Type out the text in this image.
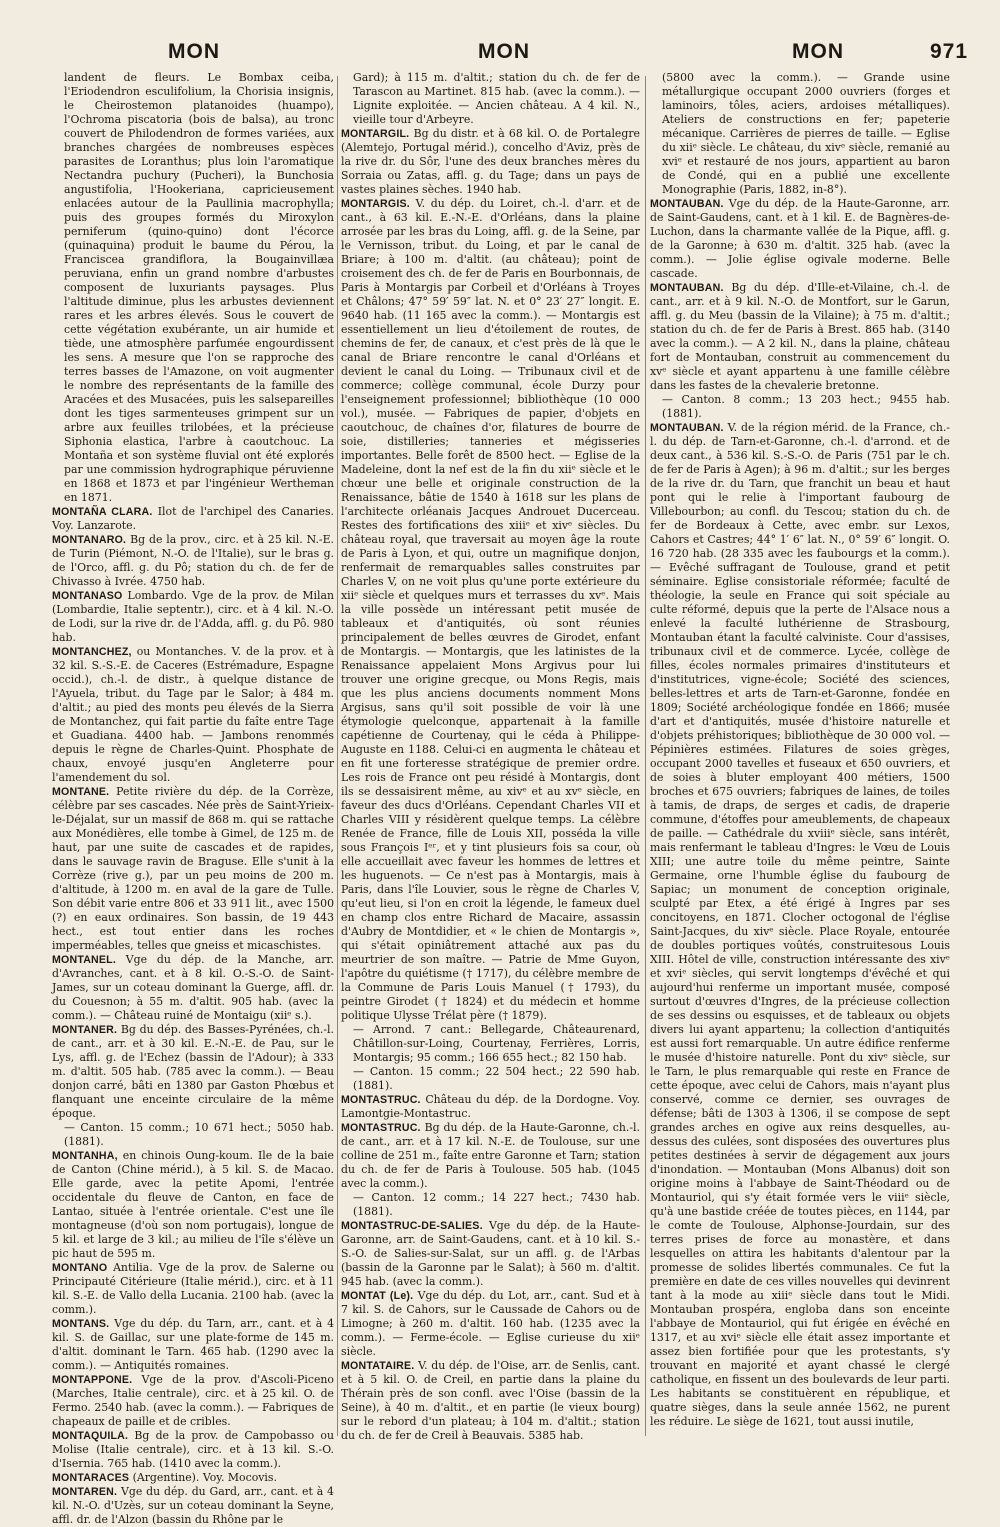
MON	MON	MON	971

landent de fleurs. Le Bombax ceiba, l'Eriodendron esculifolium, la Chorisia insignis, le Cheirostemon platanoides (huampo), l'Ochroma piscatoria (bois de balsa), au tronc couvert de Philodendron de formes variées, aux branches chargées de nombreuses espèces parasites de Loranthus; plus loin l'aromatique Nectandra puchury (Pucheri), la Bunchosia angustifolia, l'Hookeriana, capricieusement enlacées autour de la Paullinia macrophylla; puis des groupes formés du Miroxylon perniferum (quino-quino) dont l'écorce (quinaquina) produit le baume du Pérou, la Franciscea grandiflora, la Bougainvillæa peruviana, enfin un grand nombre d'arbustes composent de luxuriants paysages. Plus l'altitude diminue, plus les arbustes deviennent rares et les arbres élevés. Sous le couvert de cette végétation exubérante, un air humide et tiède, une atmosphère parfumée engourdissent les sens. A mesure que l'on se rapproche des terres basses de l'Amazone, on voit augmenter le nombre des représentants de la famille des Aracées et des Musacées, puis les salsepareilles dont les tiges sarmenteuses grimpent sur un arbre aux feuilles trilobées, et la précieuse Siphonia elastica, l'arbre à caoutchouc. La Montaña et son système fluvial ont été explorés par une commission hydrographique péruvienne en 1868 et 1873 et par l'ingénieur Wertheman en 1871.

MONTAÑA CLARA. Ilot de l'archipel des Canaries. Voy. Lanzarote.

MONTANARO. Bg de la prov., circ. et à 25 kil. N.-E. de Turin (Piémont, N.-O. de l'Italie), sur le bras g. de l'Orco, affl. g. du Pô; station du ch. de fer de Chivasso à Ivrée. 4750 hab.

MONTANASO Lombardo. Vge de la prov. de Milan (Lombardie, Italie septentr.), circ. et à 4 kil. N.-O. de Lodi, sur la rive dr. de l'Adda, affl. g. du Pô. 980 hab.

MONTANCHEZ, ou Montanches. V. de la prov. et à 32 kil. S.-S.-E. de Caceres (Estrémadure, Espagne occid.), ch.-l. de distr., à quelque distance de l'Ayuela, tribut. du Tage par le Salor; à 484 m. d'altit.; au pied des monts peu élevés de la Sierra de Montanchez, qui fait partie du faîte entre Tage et Guadiana. 4400 hab. — Jambons renommés depuis le règne de Charles-Quint. Phosphate de chaux, envoyé jusqu'en Angleterre pour l'amendement du sol.

MONTANE. Petite rivière du dép. de la Corrèze, célèbre par ses cascades. Née près de Saint-Yrieix-le-Déjalat, sur un massif de 868 m. qui se rattache aux Monédières, elle tombe à Gimel, de 125 m. de haut, par une suite de cascades et de rapides, dans le sauvage ravin de Braguse. Elle s'unit à la Corrèze (rive g.), par un peu moins de 200 m. d'altitude, à 1200 m. en aval de la gare de Tulle. Son débit varie entre 806 et 33 911 lit., avec 1500 (?) en eaux ordinaires. Son bassin, de 19 443 hect., est tout entier dans les roches imperméables, telles que gneiss et micaschistes.

MONTANEL. Vge du dép. de la Manche, arr. d'Avranches, cant. et à 8 kil. O.-S.-O. de Saint-James, sur un coteau dominant la Guerge, affl. dr. du Couesnon; à 55 m. d'altit. 905 hab. (avec la comm.). — Château ruiné de Montaigu (xiiᵉ s.).

MONTANER. Bg du dép. des Basses-Pyrénées, ch.-l. de cant., arr. et à 30 kil. E.-N.-E. de Pau, sur le Lys, affl. g. de l'Echez (bassin de l'Adour); à 333 m. d'altit. 505 hab. (785 avec la comm.). — Beau donjon carré, bâti en 1380 par Gaston Phœbus et flanquant une enceinte circulaire de la même époque.

— Canton. 15 comm.; 10 671 hect.; 5050 hab. (1881).

MONTANHA, en chinois Oung-koum. Ile de la baie de Canton (Chine mérid.), à 5 kil. S. de Macao. Elle garde, avec la petite Apomi, l'entrée occidentale du fleuve de Canton, en face de Lantao, située à l'entrée orientale. C'est une île montagneuse (d'où son nom portugais), longue de 5 kil. et large de 3 kil.; au milieu de l'île s'élève un pic haut de 595 m.

MONTANO Antilia. Vge de la prov. de Salerne ou Principauté Citérieure (Italie mérid.), circ. et à 11 kil. S.-E. de Vallo della Lucania. 2100 hab. (avec la comm.).

MONTANS. Vge du dép. du Tarn, arr., cant. et à 4 kil. S. de Gaillac, sur une plate-forme de 145 m. d'altit. dominant le Tarn. 465 hab. (1290 avec la comm.). — Antiquités romaines.

MONTAPPONE. Vge de la prov. d'Ascoli-Piceno (Marches, Italie centrale), circ. et à 25 kil. O. de Fermo. 2540 hab. (avec la comm.). — Fabriques de chapeaux de paille et de cribles.

MONTAQUILA. Bg de la prov. de Campobasso ou Molise (Italie centrale), circ. et à 13 kil. S.-O. d'Isernia. 765 hab. (1410 avec la comm.).

MONTARACES (Argentine). Voy. Mocovis.

MONTAREN. Vge du dép. du Gard, arr., cant. et à 4 kil. N.-O. d'Uzès, sur un coteau dominant la Seyne, affl. dr. de l'Alzon (bassin du Rhône par le

Gard); à 115 m. d'altit.; station du ch. de fer de Tarascon au Martinet. 815 hab. (avec la comm.). — Lignite exploitée. — Ancien château. A 4 kil. N., vieille tour d'Arbeyre.

MONTARGIL. Bg du distr. et à 68 kil. O. de Portalegre (Alemtejo, Portugal mérid.), concelho d'Aviz, près de la rive dr. du Sôr, l'une des deux branches mères du Sorraia ou Zatas, affl. g. du Tage; dans un pays de vastes plaines sèches. 1940 hab.

MONTARGIS. V. du dép. du Loiret, ch.-l. d'arr. et de cant., à 63 kil. E.-N.-E. d'Orléans, dans la plaine arrosée par les bras du Loing, affl. g. de la Seine, par le Vernisson, tribut. du Loing, et par le canal de Briare; à 100 m. d'altit. (au château); point de croisement des ch. de fer de Paris en Bourbonnais, de Paris à Montargis par Corbeil et d'Orléans à Troyes et Châlons; 47° 59′ 59″ lat. N. et 0° 23′ 27″ longit. E. 9640 hab. (11 165 avec la comm.). — Montargis est essentiellement un lieu d'étoilement de routes, de chemins de fer, de canaux, et c'est près de là que le canal de Briare rencontre le canal d'Orléans et devient le canal du Loing. — Tribunaux civil et de commerce; collège communal, école Durzy pour l'enseignement professionnel; bibliothèque (10 000 vol.), musée. — Fabriques de papier, d'objets en caoutchouc, de chaînes d'or, filatures de bourre de soie, distilleries; tanneries et mégisseries importantes. Belle forêt de 8500 hect. — Eglise de la Madeleine, dont la nef est de la fin du xiiᵉ siècle et le chœur une belle et originale construction de la Renaissance, bâtie de 1540 à 1618 sur les plans de l'architecte orléanais Jacques Androuet Ducerceau. Restes des fortifications des xiiiᵉ et xivᵉ siècles. Du château royal, que traversait au moyen âge la route de Paris à Lyon, et qui, outre un magnifique donjon, renfermait de remarquables salles construites par Charles V, on ne voit plus qu'une porte extérieure du xiiᵉ siècle et quelques murs et terrasses du xvᵉ. Mais la ville possède un intéressant petit musée de tableaux et d'antiquités, où sont réunies principalement de belles œuvres de Girodet, enfant de Montargis. — Montargis, que les latinistes de la Renaissance appelaient Mons Argivus pour lui trouver une origine grecque, ou Mons Regis, mais que les plus anciens documents nomment Mons Argisus, sans qu'il soit possible de voir là une étymologie quelconque, appartenait à la famille capétienne de Courtenay, qui le céda à Philippe-Auguste en 1188. Celui-ci en augmenta le château et en fit une forteresse stratégique de premier ordre. Les rois de France ont peu résidé à Montargis, dont ils se dessaisirent même, au xivᵉ et au xvᵉ siècle, en faveur des ducs d'Orléans. Cependant Charles VII et Charles VIII y résidèrent quelque temps. La célèbre Renée de France, fille de Louis XII, posséda la ville sous François Iᵉʳ, et y tint plusieurs fois sa cour, où elle accueillait avec faveur les hommes de lettres et les huguenots. — Ce n'est pas à Montargis, mais à Paris, dans l'île Louvier, sous le règne de Charles V, qu'eut lieu, si l'on en croit la légende, le fameux duel en champ clos entre Richard de Macaire, assassin d'Aubry de Montdidier, et « le chien de Montargis », qui s'était opiniâtrement attaché aux pas du meurtrier de son maître. — Patrie de Mme Guyon, l'apôtre du quiétisme († 1717), du célèbre membre de la Commune de Paris Louis Manuel († 1793), du peintre Girodet († 1824) et du médecin et homme politique Ulysse Trélat père († 1879).

— Arrond. 7 cant.: Bellegarde, Châteaurenard, Châtillon-sur-Loing, Courtenay, Ferrières, Lorris, Montargis; 95 comm.; 166 655 hect.; 82 150 hab.

— Canton. 15 comm.; 22 504 hect.; 22 590 hab. (1881).

MONTASTRUC. Château du dép. de la Dordogne. Voy. Lamontgie-Montastruc.

MONTASTRUC. Bg du dép. de la Haute-Garonne, ch.-l. de cant., arr. et à 17 kil. N.-E. de Toulouse, sur une colline de 251 m., faîte entre Garonne et Tarn; station du ch. de fer de Paris à Toulouse. 505 hab. (1045 avec la comm.).

— Canton. 12 comm.; 14 227 hect.; 7430 hab. (1881).

MONTASTRUC-DE-SALIES. Vge du dép. de la Haute-Garonne, arr. de Saint-Gaudens, cant. et à 10 kil. S.-S.-O. de Salies-sur-Salat, sur un affl. g. de l'Arbas (bassin de la Garonne par le Salat); à 560 m. d'altit. 945 hab. (avec la comm.).

MONTAT (Le). Vge du dép. du Lot, arr., cant. Sud et à 7 kil. S. de Cahors, sur le Caussade de Cahors ou de Limogne; à 260 m. d'altit. 160 hab. (1235 avec la comm.). — Ferme-école. — Eglise curieuse du xiiᵉ siècle.

MONTATAIRE. V. du dép. de l'Oise, arr. de Senlis, cant. et à 5 kil. O. de Creil, en partie dans la plaine du Thérain près de son confl. avec l'Oise (bassin de la Seine), à 40 m. d'altit., et en partie (le vieux bourg) sur le rebord d'un plateau; à 104 m. d'altit.; station du ch. de fer de Creil à Beauvais. 5385 hab.

(5800 avec la comm.). — Grande usine métallurgique occupant 2000 ouvriers (forges et laminoirs, tôles, aciers, ardoises métalliques). Ateliers de constructions en fer; papeterie mécanique. Carrières de pierres de taille. — Eglise du xiiᵉ siècle. Le château, du xivᵉ siècle, remanié au xviᵉ et restauré de nos jours, appartient au baron de Condé, qui en a publié une excellente Monographie (Paris, 1882, in-8°).

MONTAUBAN. Vge du dép. de la Haute-Garonne, arr. de Saint-Gaudens, cant. et à 1 kil. E. de Bagnères-de-Luchon, dans la charmante vallée de la Pique, affl. g. de la Garonne; à 630 m. d'altit. 325 hab. (avec la comm.). — Jolie église ogivale moderne. Belle cascade.

MONTAUBAN. Bg du dép. d'Ille-et-Vilaine, ch.-l. de cant., arr. et à 9 kil. N.-O. de Montfort, sur le Garun, affl. g. du Meu (bassin de la Vilaine); à 75 m. d'altit.; station du ch. de fer de Paris à Brest. 865 hab. (3140 avec la comm.). — A 2 kil. N., dans la plaine, château fort de Montauban, construit au commencement du xvᵉ siècle et ayant appartenu à une famille célèbre dans les fastes de la chevalerie bretonne.

— Canton. 8 comm.; 13 203 hect.; 9455 hab. (1881).

MONTAUBAN. V. de la région mérid. de la France, ch.-l. du dép. de Tarn-et-Garonne, ch.-l. d'arrond. et de deux cant., à 536 kil. S.-S.-O. de Paris (751 par le ch. de fer de Paris à Agen); à 96 m. d'altit.; sur les berges de la rive dr. du Tarn, que franchit un beau et haut pont qui le relie à l'important faubourg de Villebourbon; au confl. du Tescou; station du ch. de fer de Bordeaux à Cette, avec embr. sur Lexos, Cahors et Castres; 44° 1′ 6″ lat. N., 0° 59′ 6″ longit. O. 16 720 hab. (28 335 avec les faubourgs et la comm.). — Evêché suffragant de Toulouse, grand et petit séminaire. Eglise consistoriale réformée; faculté de théologie, la seule en France qui soit spéciale au culte réformé, depuis que la perte de l'Alsace nous a enlevé la faculté luthérienne de Strasbourg, Montauban étant la faculté calviniste. Cour d'assises, tribunaux civil et de commerce. Lycée, collège de filles, écoles normales primaires d'instituteurs et d'institutrices, vigne-école; Société des sciences, belles-lettres et arts de Tarn-et-Garonne, fondée en 1809; Société archéologique fondée en 1866; musée d'art et d'antiquités, musée d'histoire naturelle et d'objets préhistoriques; bibliothèque de 30 000 vol. — Pépinières estimées. Filatures de soies grèges, occupant 2000 tavelles et fuseaux et 650 ouvriers, et de soies à bluter employant 400 métiers, 1500 broches et 675 ouvriers; fabriques de laines, de toiles à tamis, de draps, de serges et cadis, de draperie commune, d'étoffes pour ameublements, de chapeaux de paille. — Cathédrale du xviiiᵉ siècle, sans intérêt, mais renfermant le tableau d'Ingres: le Vœu de Louis XIII; une autre toile du même peintre, Sainte Germaine, orne l'humble église du faubourg de Sapiac; un monument de conception originale, sculpté par Etex, a été érigé à Ingres par ses concitoyens, en 1871. Clocher octogonal de l'église Saint-Jacques, du xivᵉ siècle. Place Royale, entourée de doubles portiques voûtés, construitesous Louis XIII. Hôtel de ville, construction intéressante des xivᵉ et xviᵉ siècles, qui servit longtemps d'évêché et qui aujourd'hui renferme un important musée, composé surtout d'œuvres d'Ingres, de la précieuse collection de ses dessins ou esquisses, et de tableaux ou objets divers lui ayant appartenu; la collection d'antiquités est aussi fort remarquable. Un autre édifice renferme le musée d'histoire naturelle. Pont du xivᵉ siècle, sur le Tarn, le plus remarquable qui reste en France de cette époque, avec celui de Cahors, mais n'ayant plus conservé, comme ce dernier, ses ouvrages de défense; bâti de 1303 à 1306, il se compose de sept grandes arches en ogive aux reins desquelles, au-dessus des culées, sont disposées des ouvertures plus petites destinées à servir de dégagement aux jours d'inondation. — Montauban (Mons Albanus) doit son origine moins à l'abbaye de Saint-Théodard ou de Montauriol, qui s'y était formée vers le viiiᵉ siècle, qu'à une bastide créée de toutes pièces, en 1144, par le comte de Toulouse, Alphonse-Jourdain, sur des terres prises de force au monastère, et dans lesquelles on attira les habitants d'alentour par la promesse de solides libertés communales. Ce fut la première en date de ces villes nouvelles qui devinrent tant à la mode au xiiiᵉ siècle dans tout le Midi. Montauban prospéra, engloba dans son enceinte l'abbaye de Montauriol, qui fut érigée en évêché en 1317, et au xviᵉ siècle elle était assez importante et assez bien fortifiée pour que les protestants, s'y trouvant en majorité et ayant chassé le clergé catholique, en fissent un des boulevards de leur parti. Les habitants se constituèrent en république, et quatre sièges, dans la seule année 1562, ne purent les réduire. Le siège de 1621, tout aussi inutile,
